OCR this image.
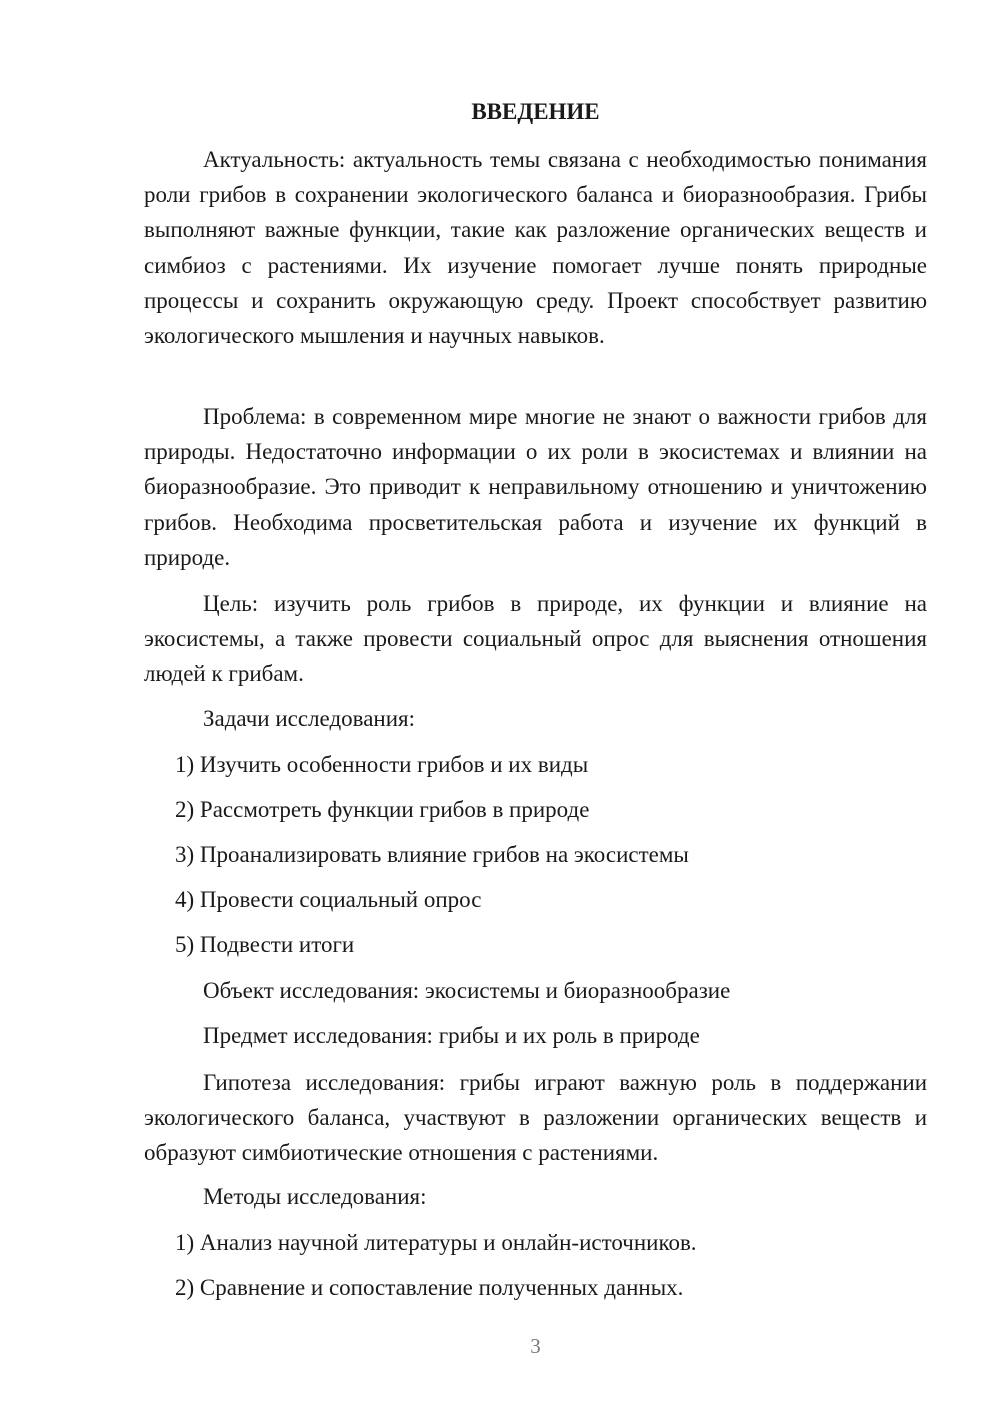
ВВЕДЕНИЕ

Актуальность: актуальность темы связана с необходимостью понимания роли грибов в сохранении экологического баланса и биоразнообразия. Грибы выполняют важные функции, такие как разложение органических веществ и симбиоз с растениями. Их изучение помогает лучше понять природные процессы и сохранить окружающую среду. Проект способствует развитию экологического мышления и научных навыков.

Проблема: в современном мире многие не знают о важности грибов для природы. Недостаточно информации о их роли в экосистемах и влиянии на биоразнообразие. Это приводит к неправильному отношению и уничтожению грибов. Необходима просветительская работа и изучение их функций в природе.

Цель: изучить роль грибов в природе, их функции и влияние на экосистемы, а также провести социальный опрос для выяснения отношения людей к грибам.

Задачи исследования:

1) Изучить особенности грибов и их виды

2) Рассмотреть функции грибов в природе

3) Проанализировать влияние грибов на экосистемы

4) Провести социальный опрос

5) Подвести итоги

Объект исследования: экосистемы и биоразнообразие

Предмет исследования: грибы и их роль в природе

Гипотеза исследования: грибы играют важную роль в поддержании экологического баланса, участвуют в разложении органических веществ и образуют симбиотические отношения с растениями.

Методы исследования:

1) Анализ научной литературы и онлайн-источников.

2) Сравнение и сопоставление полученных данных.

3
